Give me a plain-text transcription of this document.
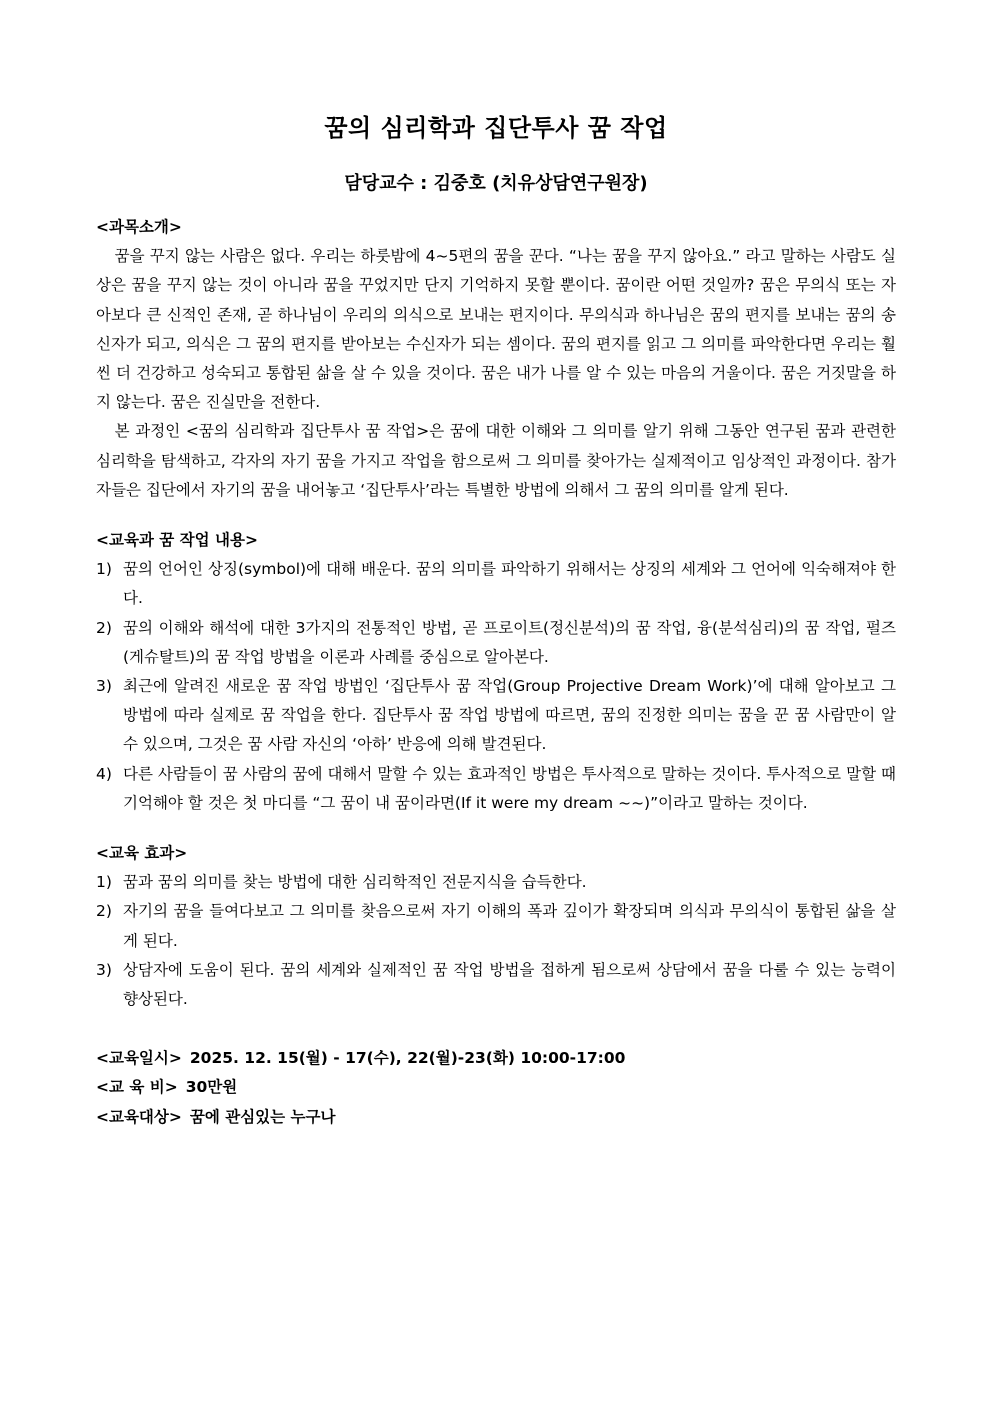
꿈의 심리학과 집단투사 꿈 작업

담당교수 : 김중호 (치유상담연구원장)

<과목소개>

꿈을 꾸지 않는 사람은 없다. 우리는 하룻밤에 4~5편의 꿈을 꾼다. “나는 꿈을 꾸지 않아요.” 라고 말하는 사람도 실상은 꿈을 꾸지 않는 것이 아니라 꿈을 꾸었지만 단지 기억하지 못할 뿐이다. 꿈이란 어떤 것일까? 꿈은 무의식 또는 자아보다 큰 신적인 존재, 곧 하나님이 우리의 의식으로 보내는 편지이다. 무의식과 하나님은 꿈의 편지를 보내는 꿈의 송신자가 되고, 의식은 그 꿈의 편지를 받아보는 수신자가 되는 셈이다. 꿈의 편지를 읽고 그 의미를 파악한다면 우리는 훨씬 더 건강하고 성숙되고 통합된 삶을 살 수 있을 것이다. 꿈은 내가 나를 알 수 있는 마음의 거울이다. 꿈은 거짓말을 하지 않는다. 꿈은 진실만을 전한다.

본 과정인 <꿈의 심리학과 집단투사 꿈 작업>은 꿈에 대한 이해와 그 의미를 알기 위해 그동안 연구된 꿈과 관련한 심리학을 탐색하고, 각자의 자기 꿈을 가지고 작업을 함으로써 그 의미를 찾아가는 실제적이고 임상적인 과정이다. 참가자들은 집단에서 자기의 꿈을 내어놓고 ‘집단투사’라는 특별한 방법에 의해서 그 꿈의 의미를 알게 된다.

<교육과 꿈 작업 내용>

1) 꿈의 언어인 상징(symbol)에 대해 배운다. 꿈의 의미를 파악하기 위해서는 상징의 세계와 그 언어에 익숙해져야 한다.
2) 꿈의 이해와 해석에 대한 3가지의 전통적인 방법, 곧 프로이트(정신분석)의 꿈 작업, 융(분석심리)의 꿈 작업, 펄즈(게슈탈트)의 꿈 작업 방법을 이론과 사례를 중심으로 알아본다.
3) 최근에 알려진 새로운 꿈 작업 방법인 ‘집단투사 꿈 작업(Group Projective Dream Work)’에 대해 알아보고 그 방법에 따라 실제로 꿈 작업을 한다. 집단투사 꿈 작업 방법에 따르면, 꿈의 진정한 의미는 꿈을 꾼 꿈 사람만이 알 수 있으며, 그것은 꿈 사람 자신의 ‘아하’ 반응에 의해 발견된다.
4) 다른 사람들이 꿈 사람의 꿈에 대해서 말할 수 있는 효과적인 방법은 투사적으로 말하는 것이다. 투사적으로 말할 때 기억해야 할 것은 첫 마디를 “그 꿈이 내 꿈이라면(If it were my dream ~~)”이라고 말하는 것이다.

<교육 효과>

1) 꿈과 꿈의 의미를 찾는 방법에 대한 심리학적인 전문지식을 습득한다.
2) 자기의 꿈을 들여다보고 그 의미를 찾음으로써 자기 이해의 폭과 깊이가 확장되며 의식과 무의식이 통합된 삶을 살게 된다.
3) 상담자에 도움이 된다. 꿈의 세계와 실제적인 꿈 작업 방법을 접하게 됨으로써 상담에서 꿈을 다룰 수 있는 능력이 향상된다.

<교육일시> 2025. 12. 15(월) - 17(수), 22(월)-23(화) 10:00-17:00

<교 육 비> 30만원

<교육대상> 꿈에 관심있는 누구나
